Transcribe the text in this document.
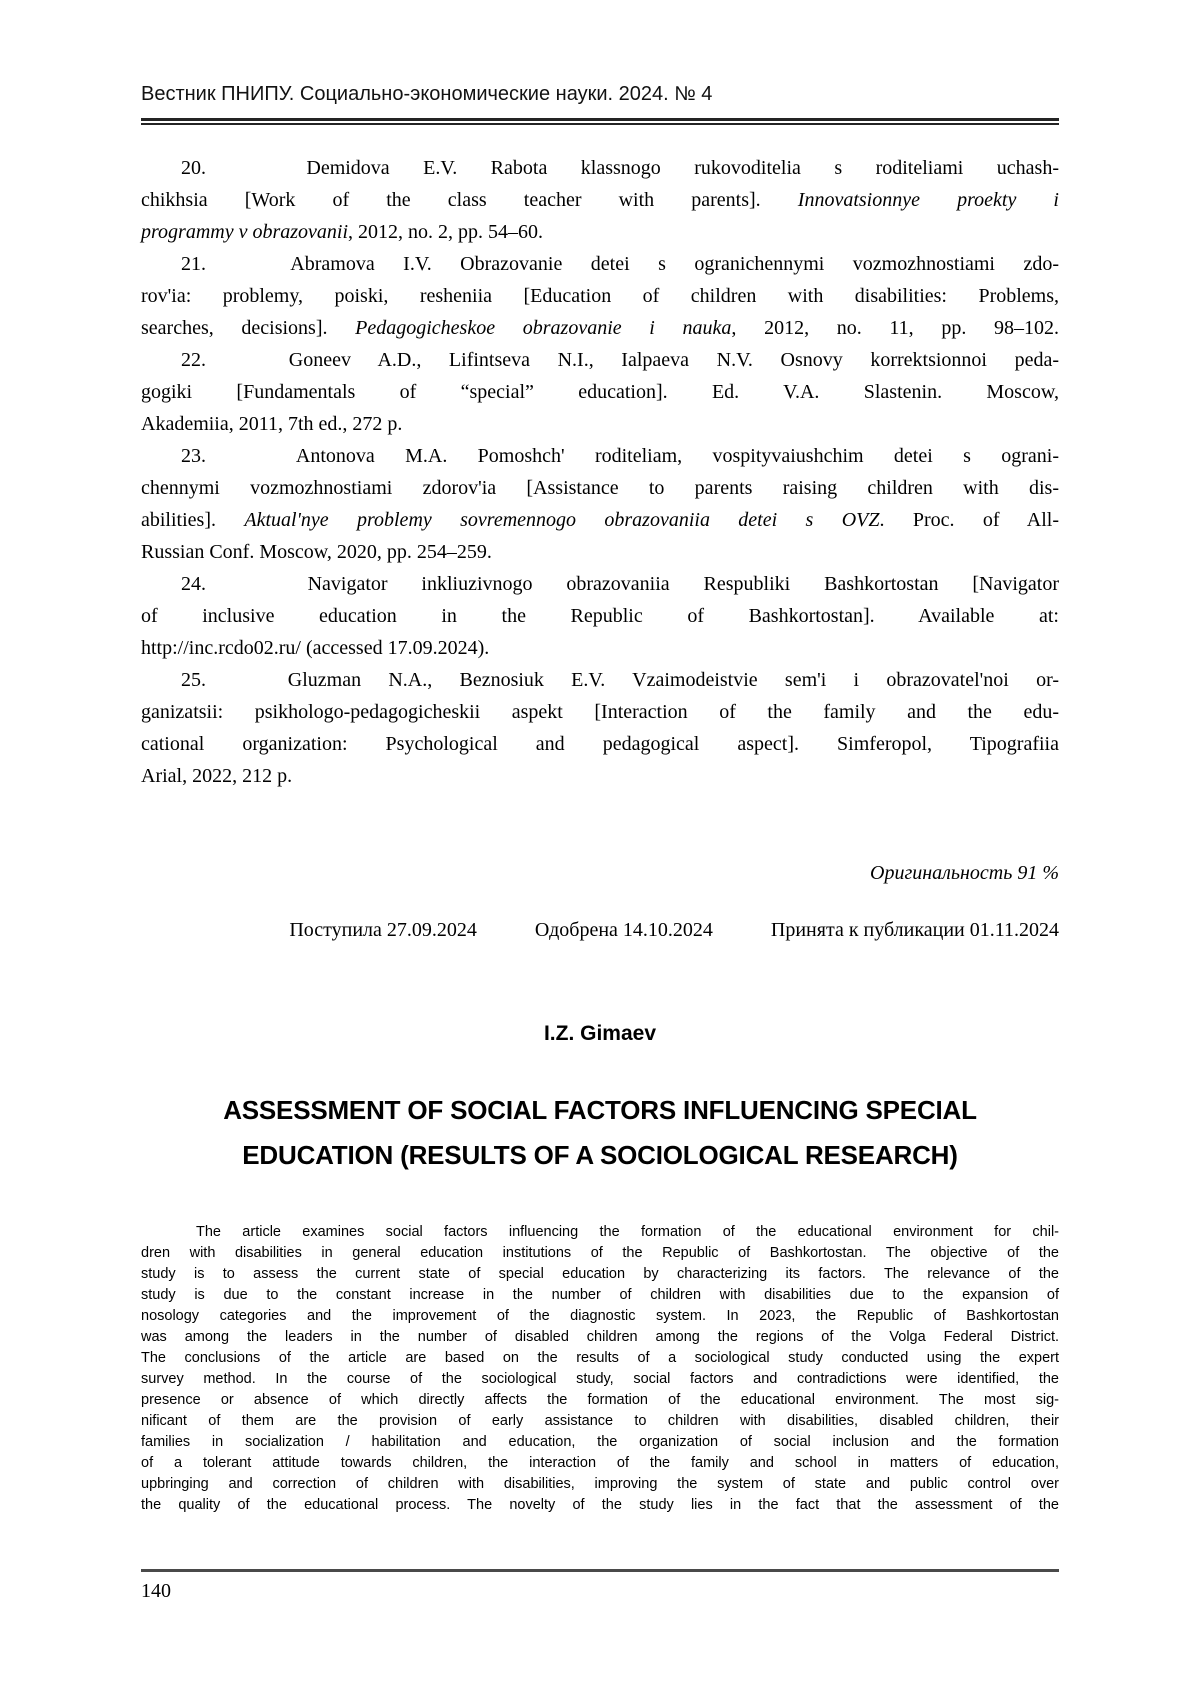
Вестник ПНИПУ. Социально-экономические науки. 2024. № 4
20.   Demidova E.V. Rabota klassnogo rukovoditelia s roditeliami uchash-
chikhsia [Work of the class teacher with parents]. Innovatsionnye proekty i
programmy v obrazovanii, 2012, no. 2, pp. 54–60.
21.   Abramova I.V. Obrazovanie detei s ogranichennymi vozmozhnostiami zdo-
rov'ia: problemy, poiski, resheniia [Education of children with disabilities: Problems,
searches, decisions]. Pedagogicheskoe obrazovanie i nauka, 2012, no. 11, pp. 98–102.
22.   Goneev A.D., Lifintseva N.I., Ialpaeva N.V. Osnovy korrektsionnoi peda-
gogiki [Fundamentals of “special” education]. Ed. V.A. Slastenin. Moscow,
Akademiia, 2011, 7th ed., 272 p.
23.   Antonova M.A. Pomoshch' roditeliam, vospityvaiushchim detei s ograni-
chennymi vozmozhnostiami zdorov'ia [Assistance to parents raising children with dis-
abilities]. Aktual'nye problemy sovremennogo obrazovaniia detei s OVZ. Proc. of All-
Russian Conf. Moscow, 2020, pp. 254–259.
24.   Navigator inkliuzivnogo obrazovaniia Respubliki Bashkortostan [Navigator
of inclusive education in the Republic of Bashkortostan]. Available at:
http://inc.rcdo02.ru/ (accessed 17.09.2024).
25.   Gluzman N.A., Beznosiuk E.V. Vzaimodeistvie sem'i i obrazovatel'noi or-
ganizatsii: psikhologo-pedagogicheskii aspekt [Interaction of the family and the edu-
cational organization: Psychological and pedagogical aspect]. Simferopol, Tipografiia
Arial, 2022, 212 p.
Оригинальность 91 %
Поступила 27.09.2024	Одобрена 14.10.2024	Принята к публикации 01.11.2024
I.Z. Gimaev
ASSESSMENT OF SOCIAL FACTORS INFLUENCING SPECIAL
EDUCATION (RESULTS OF A SOCIOLOGICAL RESEARCH)
The article examines social factors influencing the formation of the educational environment for chil-
dren with disabilities in general education institutions of the Republic of Bashkortostan. The objective of the
study is to assess the current state of special education by characterizing its factors. The relevance of the
study is due to the constant increase in the number of children with disabilities due to the expansion of
nosology categories and the improvement of the diagnostic system. In 2023, the Republic of Bashkortostan
was among the leaders in the number of disabled children among the regions of the Volga Federal District.
The conclusions of the article are based on the results of a sociological study conducted using the expert
survey method. In the course of the sociological study, social factors and contradictions were identified, the
presence or absence of which directly affects the formation of the educational environment. The most sig-
nificant of them are the provision of early assistance to children with disabilities, disabled children, their
families in socialization / habilitation and education, the organization of social inclusion and the formation
of a tolerant attitude towards children, the interaction of the family and school in matters of education,
upbringing and correction of children with disabilities, improving the system of state and public control over
the quality of the educational process. The novelty of the study lies in the fact that the assessment of the
140
